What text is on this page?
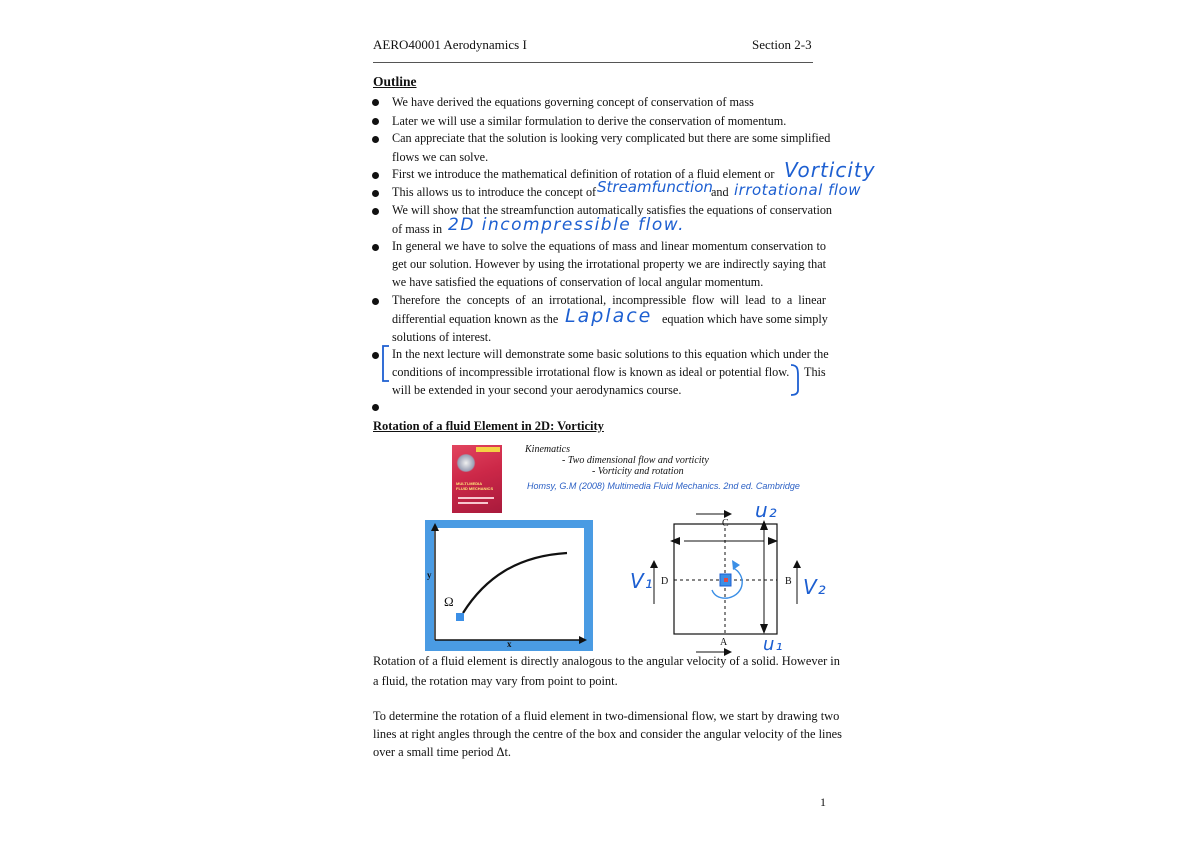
AERO40001 Aerodynamics I	Section 2-3
Outline
We have derived the equations governing concept of conservation of mass
Later we will use a similar formulation to derive the conservation of momentum.
Can appreciate that the solution is looking very complicated but there are some simplified
flows we can solve.
First we introduce the mathematical definition of rotation of a fluid element or Vorticity
This allows us to introduce the concept of Streamfunction
and irrotational flow
We will show that the streamfunction automatically satisfies the equations of conservation
of mass in 2D incompressible flow.
In general we have to solve the equations of mass and linear momentum conservation to
get our solution. However by using the irrotational property we are indirectly saying that
we have satisfied the equations of conservation of local angular momentum.
Therefore the concepts of an irrotational, incompressible flow will lead to a linear
differential equation known as the Laplace equation which have some simply
solutions of interest.
In the next lecture will demonstrate some basic solutions to this equation which under the
conditions of incompressible irrotational flow is known as ideal or potential flow. This
will be extended in your second your aerodynamics course.
Rotation of a fluid Element in 2D: Vorticity
MULTI-MEDIA
FLUID MECHANICS
Kinematics
- Two dimensional flow and vorticity
- Vorticity and rotation
Homsy, G.M (2008) Multimedia Fluid Mechanics. 2nd ed. Cambridge
y
x
Ω
C
A
B
D
u₂
u₁
V₁	V₂
Rotation of a fluid element is directly analogous to the angular velocity of a solid. However in
a fluid, the rotation may vary from point to point.
To determine the rotation of a fluid element in two-dimensional flow, we start by drawing two
lines at right angles through the centre of the box and consider the angular velocity of the lines
over a small time period Δt.
1
